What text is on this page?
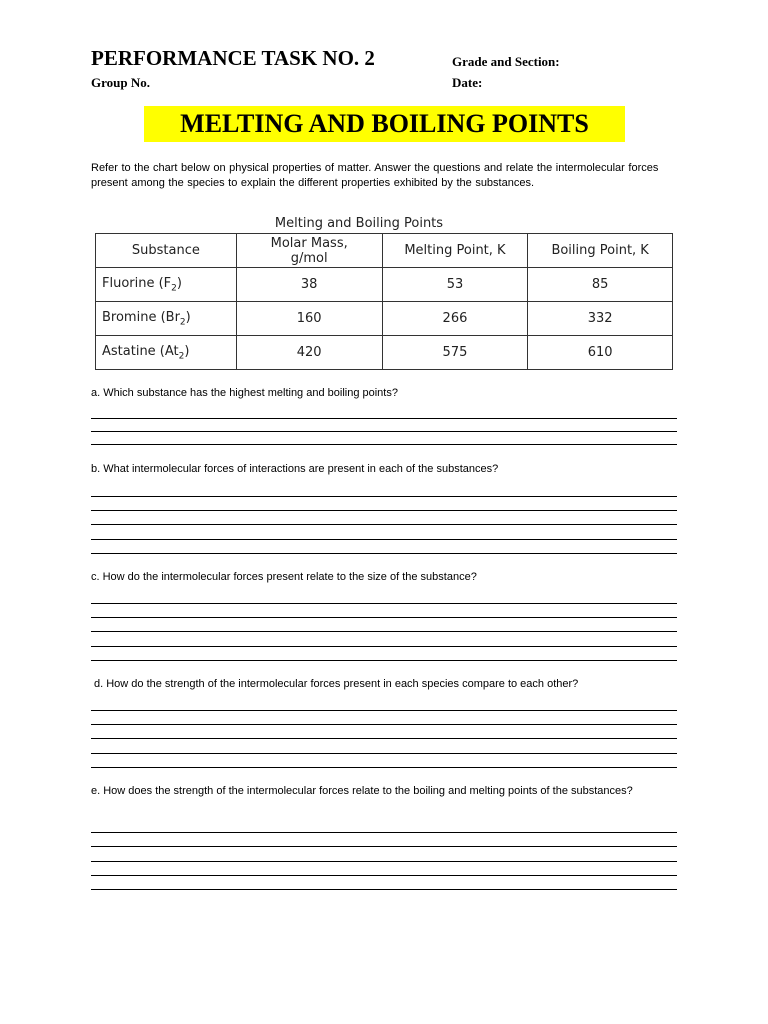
PERFORMANCE TASK NO. 2	Grade and Section:
Group No.	Date:
MELTING AND BOILING POINTS
Refer to the chart below on physical properties of matter. Answer the questions and relate the intermolecular forces present among the species to explain the different properties exhibited by the substances.
Melting and Boiling Points
Substance	Molar Mass, g/mol	Melting Point, K	Boiling Point, K
Fluorine $(F_2)$	38	53	85
Bromine $(Br_2)$	160	266	332
Astatine $(At_2)$	420	575	610
a. Which substance has the highest melting and boiling points?
b. What intermolecular forces of interactions are present in each of the substances?
c. How do the intermolecular forces present relate to the size of the substance?
d. How do the strength of the intermolecular forces present in each species compare to each other?
e. How does the strength of the intermolecular forces relate to the boiling and melting points of the substances?
